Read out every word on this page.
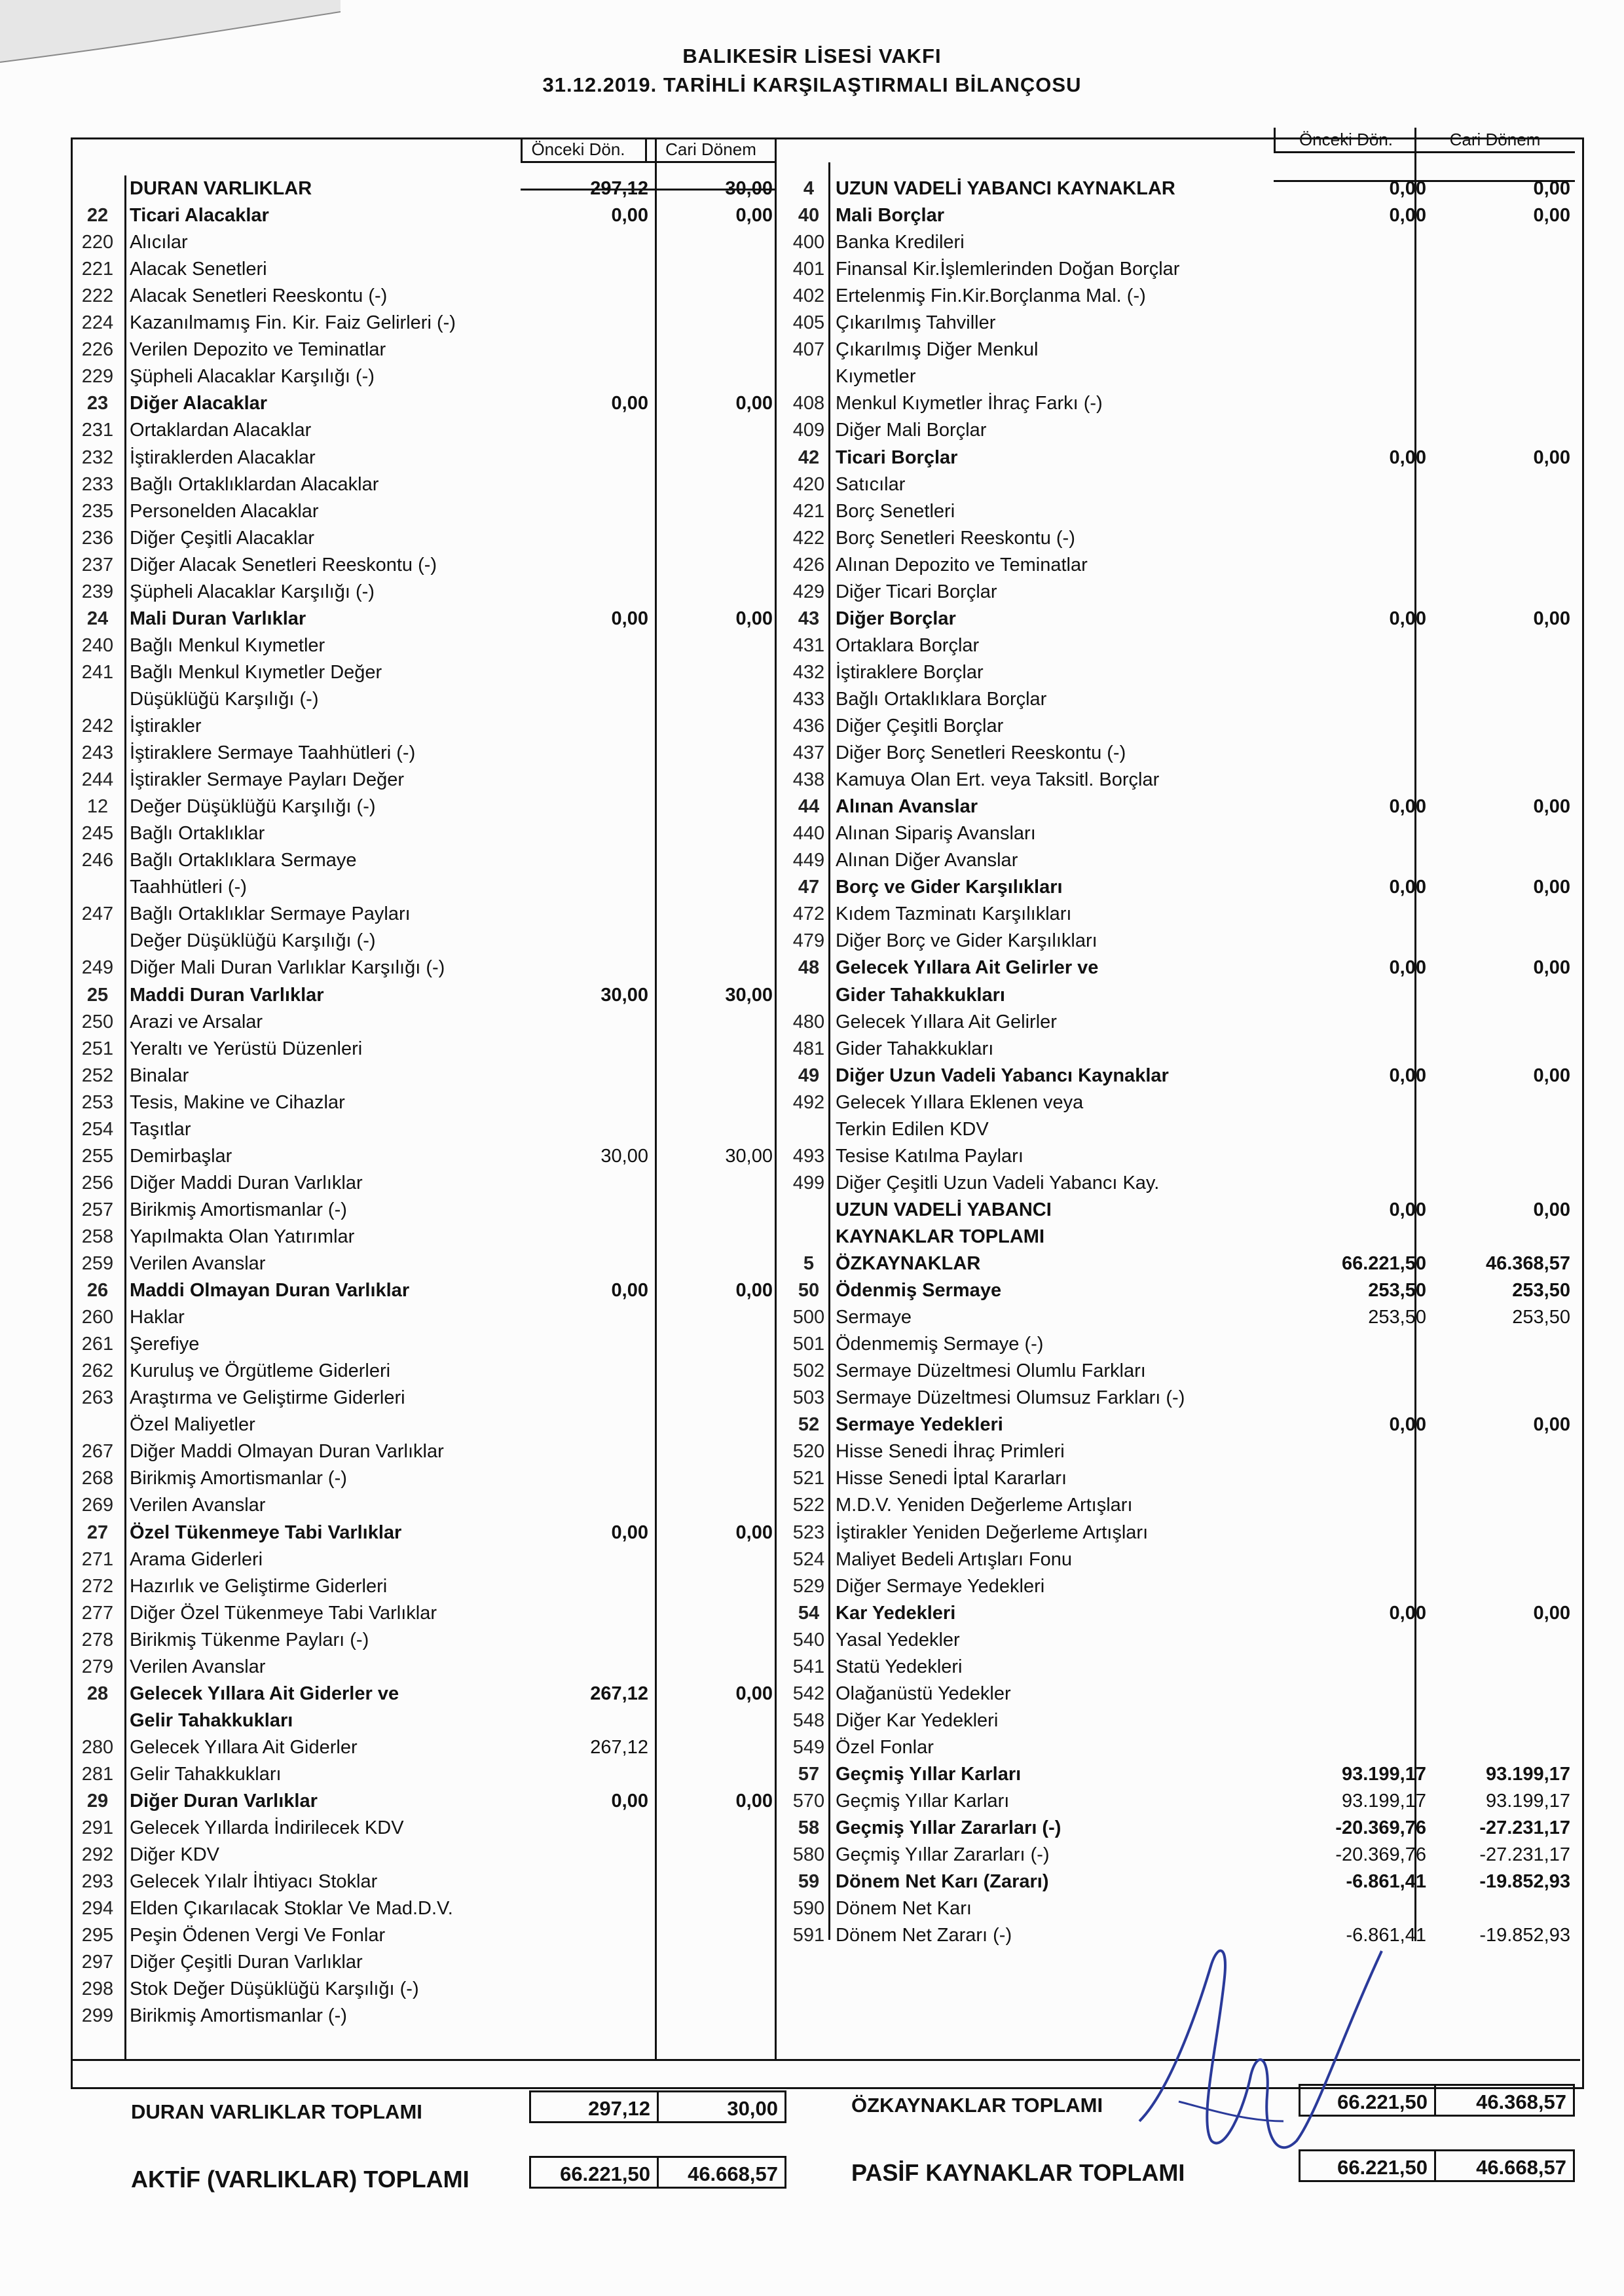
BALIKESİR LİSESİ VAKFI
31.12.2019. TARİHLİ KARŞILAŞTIRMALI BİLANÇOSU
Önceki Dön.	Cari Dönem	Önceki Dön.	Cari Dönem
DURAN VARLIKLAR	297,12	30,00
22	Ticari Alacaklar	0,00	0,00
220 Alıcılar
221 Alacak Senetleri
222 Alacak Senetleri Reeskontu (-)
224 Kazanılmamış Fin. Kir. Faiz Gelirleri (-)
226 Verilen Depozito ve Teminatlar
229 Şüpheli Alacaklar Karşılığı (-)
23	Diğer Alacaklar	0,00	0,00
231 Ortaklardan Alacaklar
232 İştiraklerden Alacaklar
233 Bağlı Ortaklıklardan Alacaklar
235 Personelden Alacaklar
236 Diğer Çeşitli Alacaklar
237 Diğer Alacak Senetleri Reeskontu (-)
239 Şüpheli Alacaklar Karşılığı (-)
24	Mali Duran Varlıklar	0,00	0,00
240 Bağlı Menkul Kıymetler
241 Bağlı Menkul Kıymetler Değer
Düşüklüğü Karşılığı (-)
242 İştirakler
243 İştiraklere Sermaye Taahhütleri (-)
244 İştirakler Sermaye Payları Değer
12	Değer Düşüklüğü Karşılığı (-)
245 Bağlı Ortaklıklar
246 Bağlı Ortaklıklara Sermaye
Taahhütleri (-)
247 Bağlı Ortaklıklar Sermaye Payları
Değer Düşüklüğü Karşılığı (-)
249 Diğer Mali Duran Varlıklar Karşılığı (-)
25	Maddi Duran Varlıklar	30,00	30,00
250 Arazi ve Arsalar
251 Yeraltı ve Yerüstü Düzenleri
252 Binalar
253 Tesis, Makine ve Cihazlar
254 Taşıtlar
255 Demirbaşlar	30,00	30,00
256 Diğer Maddi Duran Varlıklar
257 Birikmiş Amortismanlar (-)
258 Yapılmakta Olan Yatırımlar
259 Verilen Avanslar
26	Maddi Olmayan Duran Varlıklar	0,00	0,00
260 Haklar
261 Şerefiye
262 Kuruluş ve Örgütleme Giderleri
263 Araştırma ve Geliştirme Giderleri
Özel Maliyetler
267 Diğer Maddi Olmayan Duran Varlıklar
268 Birikmiş Amortismanlar (-)
269 Verilen Avanslar
27	Özel Tükenmeye Tabi Varlıklar	0,00	0,00
271 Arama Giderleri
272 Hazırlık ve Geliştirme Giderleri
277 Diğer Özel Tükenmeye Tabi Varlıklar
278 Birikmiş Tükenme Payları (-)
279 Verilen Avanslar
28	Gelecek Yıllara Ait Giderler ve	267,12	0,00
Gelir Tahakkukları
280 Gelecek Yıllara Ait Giderler	267,12
281 Gelir Tahakkukları
29	Diğer Duran Varlıklar	0,00	0,00
291 Gelecek Yıllarda İndirilecek KDV
292 Diğer KDV
293 Gelecek Yılalr İhtiyacı Stoklar
294 Elden Çıkarılacak Stoklar Ve Mad.D.V.
295 Peşin Ödenen Vergi Ve Fonlar
297 Diğer Çeşitli Duran Varlıklar
298 Stok Değer Düşüklüğü Karşılığı (-)
299 Birikmiş Amortismanlar (-)
4	UZUN VADELİ YABANCI KAYNAKLAR	0,00	0,00
40 Mali Borçlar	0,00	0,00
400 Banka Kredileri
401 Finansal Kir.İşlemlerinden Doğan Borçlar
402 Ertelenmiş Fin.Kir.Borçlanma Mal. (-)
405 Çıkarılmış Tahviller
407 Çıkarılmış Diğer Menkul
Kıymetler
408 Menkul Kıymetler İhraç Farkı (-)
409 Diğer Mali Borçlar
42 Ticari Borçlar	0,00	0,00
420 Satıcılar
421 Borç Senetleri
422 Borç Senetleri Reeskontu (-)
426 Alınan Depozito ve Teminatlar
429 Diğer Ticari Borçlar
43 Diğer Borçlar	0,00	0,00
431 Ortaklara Borçlar
432 İştiraklere Borçlar
433 Bağlı Ortaklıklara Borçlar
436 Diğer Çeşitli Borçlar
437 Diğer Borç Senetleri Reeskontu (-)
438 Kamuya Olan Ert. veya Taksitl. Borçlar
44 Alınan Avanslar	0,00	0,00
440 Alınan Sipariş Avansları
449 Alınan Diğer Avanslar
47 Borç ve Gider Karşılıkları	0,00	0,00
472 Kıdem Tazminatı Karşılıkları
479 Diğer Borç ve Gider Karşılıkları
48 Gelecek Yıllara Ait Gelirler ve	0,00	0,00
Gider Tahakkukları
480 Gelecek Yıllara Ait Gelirler
481 Gider Tahakkukları
49 Diğer Uzun Vadeli Yabancı Kaynaklar	0,00	0,00
492 Gelecek Yıllara Eklenen veya
Terkin Edilen KDV
493 Tesise Katılma Payları
499 Diğer Çeşitli Uzun Vadeli Yabancı Kay.
UZUN VADELİ YABANCI	0,00	0,00
KAYNAKLAR TOPLAMI
5	ÖZKAYNAKLAR	66.221,50	46.368,57
50 Ödenmiş Sermaye	253,50	253,50
500 Sermaye	253,50	253,50
501 Ödenmemiş Sermaye (-)
502 Sermaye Düzeltmesi Olumlu Farkları
503 Sermaye Düzeltmesi Olumsuz Farkları (-)
52 Sermaye Yedekleri	0,00	0,00
520 Hisse Senedi İhraç Primleri
521 Hisse Senedi İptal Kararları
522 M.D.V. Yeniden Değerleme Artışları
523 İştirakler Yeniden Değerleme Artışları
524 Maliyet Bedeli Artışları Fonu
529 Diğer Sermaye Yedekleri
54 Kar Yedekleri	0,00	0,00
540 Yasal Yedekler
541 Statü Yedekleri
542 Olağanüstü Yedekler
548 Diğer Kar Yedekleri
549 Özel Fonlar
57 Geçmiş Yıllar Karları	93.199,17	93.199,17
570 Geçmiş Yıllar Karları	93.199,17	93.199,17
58 Geçmiş Yıllar Zararları (-)	-20.369,76	-27.231,17
580 Geçmiş Yıllar Zararları (-)	-20.369,76	-27.231,17
59 Dönem Net Karı (Zararı)	-6.861,41	-19.852,93
590 Dönem Net Karı
591 Dönem Net Zararı (-)	-6.861,41	-19.852,93
DURAN VARLIKLAR TOPLAMI	297,12	30,00
AKTİF (VARLIKLAR) TOPLAMI	66.221,50	46.668,57
ÖZKAYNAKLAR TOPLAMI	66.221,50	46.368,57
PASİF KAYNAKLAR TOPLAMI	66.221,50	46.668,57
